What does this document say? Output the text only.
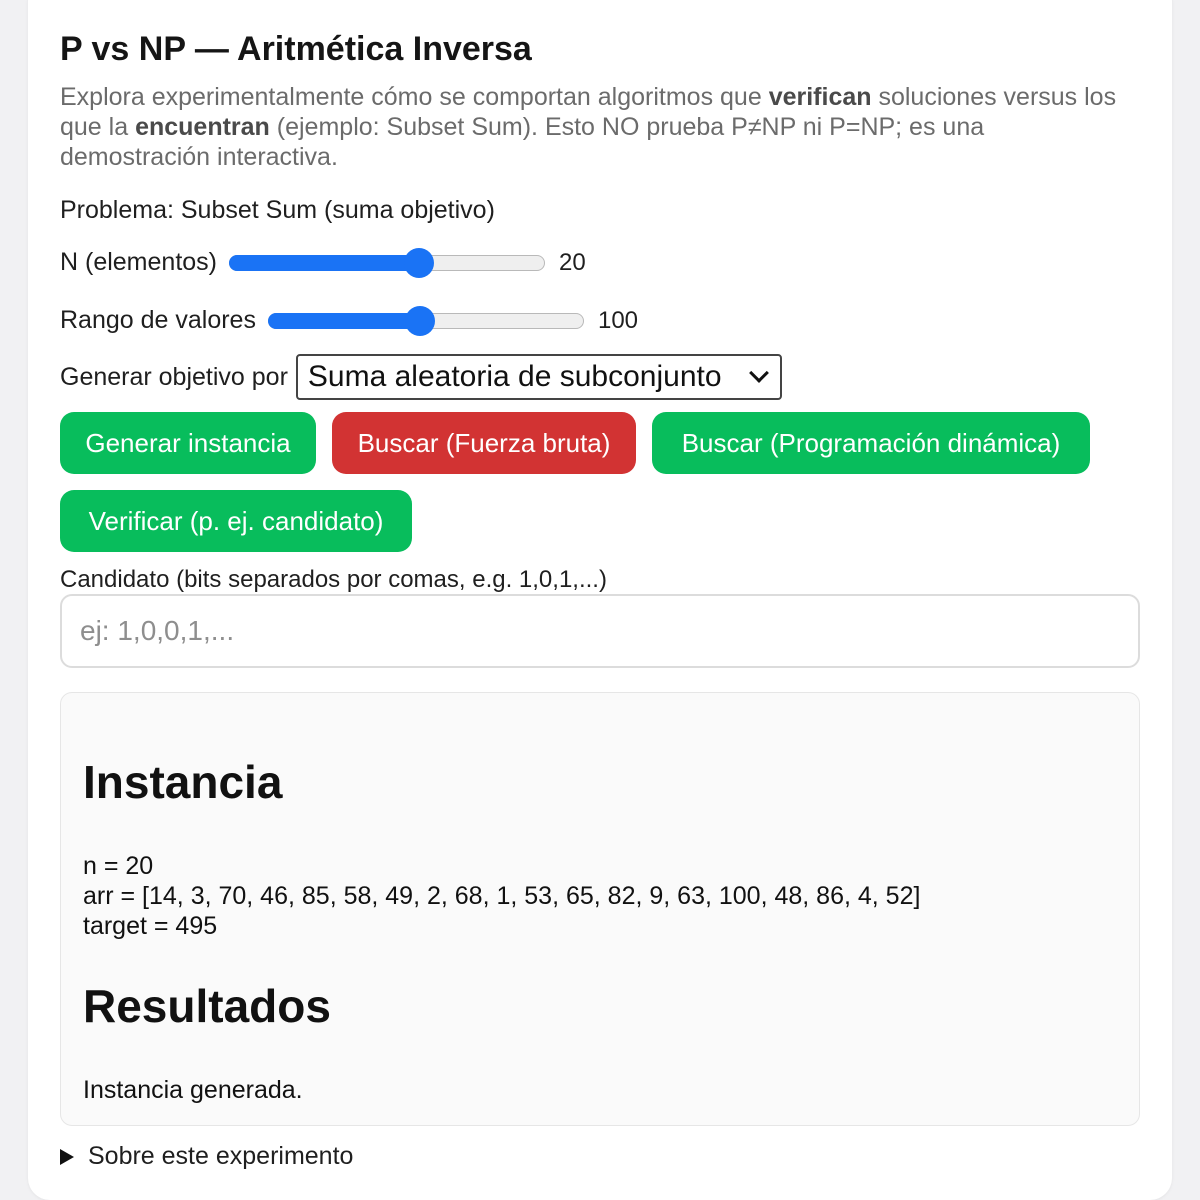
P vs NP — Aritmética Inversa

Explora experimentalmente cómo se comportan algoritmos que verifican soluciones versus los que la encuentran (ejemplo: Subset Sum). Esto NO prueba P≠NP ni P=NP; es una demostración interactiva.

Problema: Subset Sum (suma objetivo)
N (elementos)	20
Rango de valores	100
Generar objetivo por Suma aleatoria de subconjunto
Generar instancia	Buscar (Fuerza bruta)	Buscar (Programación dinámica)
Verificar (p. ej. candidato)
Candidato (bits separados por comas, e.g. 1,0,1,...)
ej: 1,0,0,1,...
Instancia
n = 20
arr = [14, 3, 70, 46, 85, 58, 49, 2, 68, 1, 53, 65, 82, 9, 63, 100, 48, 86, 4, 52]
target = 495
Resultados
Instancia generada.
Sobre este experimento
